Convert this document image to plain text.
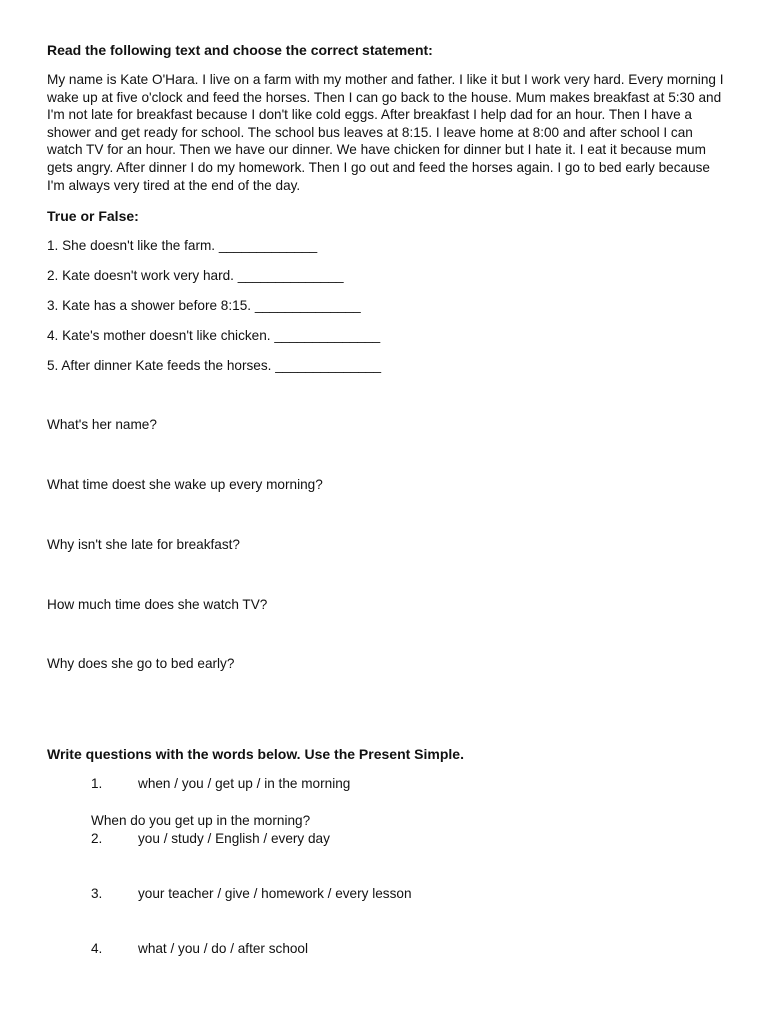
Read the following text and choose the correct statement:

My name is Kate O'Hara. I live on a farm with my mother and father. I like it but I work very hard. Every morning I wake up at five o'clock and feed the horses. Then I can go back to the house. Mum makes breakfast at 5:30 and I'm not late for breakfast because I don't like cold eggs. After breakfast I help dad for an hour. Then I have a shower and get ready for school. The school bus leaves at 8:15. I leave home at 8:00 and after school I can watch TV for an hour. Then we have our dinner. We have chicken for dinner but I hate it. I eat it because mum gets angry. After dinner I do my homework. Then I go out and feed the horses again. I go to bed early because I'm always very tired at the end of the day.

True or False:
1. She doesn't like the farm. _____________
2. Kate doesn't work very hard. ______________
3. Kate has a shower before 8:15. ______________
4. Kate's mother doesn't like chicken. ______________
5. After dinner Kate feeds the horses. ______________
What's her name?
What time doest she wake up every morning?
Why isn't she late for breakfast?
How much time does she watch TV?
Why does she go to bed early?
Write questions with the words below. Use the Present Simple.
1.	when / you / get up / in the morning
When do you get up in the morning?
2.	you / study / English / every day
3.	your teacher / give / homework / every lesson
4.	what / you / do / after school
